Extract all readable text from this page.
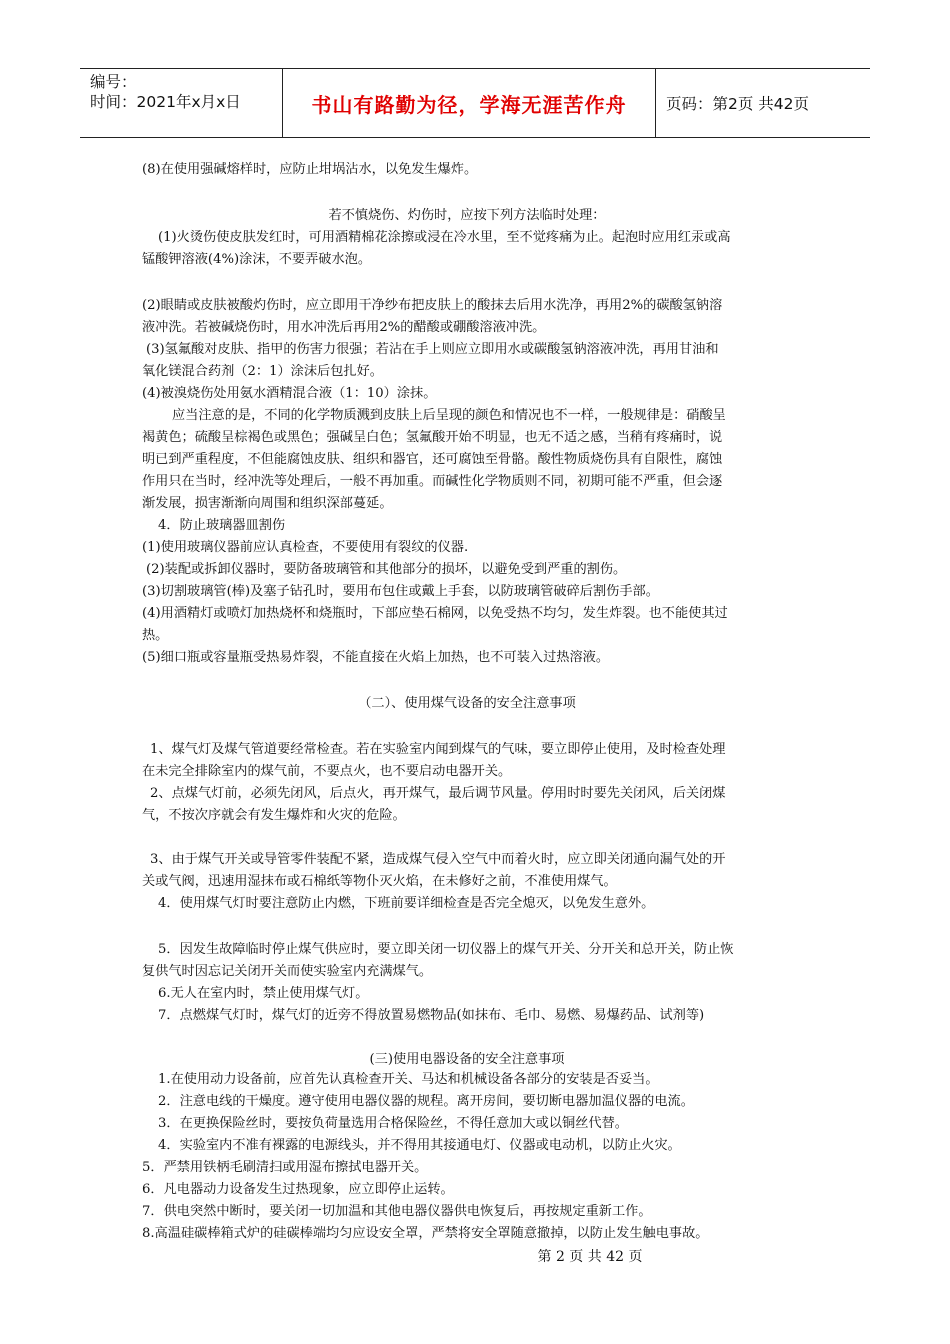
编号：
时间：2021年x月x日	书山有路勤为径，学海无涯苦作舟	页码：第2页 共42页
(8)在使用强碱熔样时，应防止坩埚沾水，以免发生爆炸。
若不慎烧伤、灼伤时，应按下列方法临时处理：
(1)火烫伤使皮肤发红时，可用酒精棉花涂擦或浸在冷水里，至不觉疼痛为止。起泡时应用红汞或高
锰酸钾溶液(4%)涂沫，不要弄破水泡。
(2)眼睛或皮肤被酸灼伤时，应立即用干净纱布把皮肤上的酸抹去后用水洗净，再用2%的碳酸氢钠溶
液冲洗。若被碱烧伤时，用水冲洗后再用2%的醋酸或硼酸溶液冲洗。
(3)氢氟酸对皮肤、指甲的伤害力很强；若沾在手上则应立即用水或碳酸氢钠溶液冲洗，再用甘油和
氧化镁混合药剂（2：1）涂沫后包扎好。
(4)被溴烧伤处用氨水酒精混合液（1：10）涂抹。
应当注意的是，不同的化学物质溅到皮肤上后呈现的颜色和情况也不一样，一般规律是：硝酸呈
褐黄色；硫酸呈棕褐色或黑色；强碱呈白色；氢氟酸开始不明显，也无不适之感，当稍有疼痛时，说
明已到严重程度，不但能腐蚀皮肤、组织和器官，还可腐蚀至骨骼。酸性物质烧伤具有自限性，腐蚀
作用只在当时，经冲洗等处理后，一般不再加重。而碱性化学物质则不同，初期可能不严重，但会逐
渐发展，损害渐渐向周围和组织深部蔓延。
4．防止玻璃器皿割伤
(1)使用玻璃仪器前应认真检查，不要使用有裂纹的仪器.
(2)装配或拆卸仪器时，要防备玻璃管和其他部分的损坏，以避免受到严重的割伤。
(3)切割玻璃管(棒)及塞子钻孔时，要用布包住或戴上手套，以防玻璃管破碎后割伤手部。
(4)用酒精灯或喷灯加热烧杯和烧瓶时，下部应垫石棉网，以免受热不均匀，发生炸裂。也不能使其过
热。
(5)细口瓶或容量瓶受热易炸裂，不能直接在火焰上加热，也不可装入过热溶液。
（二）、使用煤气设备的安全注意事项
1、煤气灯及煤气管道要经常检查。若在实验室内闻到煤气的气味，要立即停止使用，及时检查处理
在未完全排除室内的煤气前，不要点火，也不要启动电器开关。
2、点煤气灯前，必须先闭风，后点火，再开煤气，最后调节风量。停用时时要先关闭风，后关闭煤
气，不按次序就会有发生爆炸和火灾的危险。
3、由于煤气开关或导管零件装配不紧，造成煤气侵入空气中而着火时，应立即关闭通向漏气处的开
关或气阀，迅速用湿抹布或石棉纸等物仆灭火焰，在未修好之前，不准使用煤气。
4．使用煤气灯时要注意防止内燃，下班前要详细检查是否完全熄灭，以免发生意外。
5．因发生故障临时停止煤气供应时，要立即关闭一切仪器上的煤气开关、分开关和总开关，防止恢
复供气时因忘记关闭开关而使实验室内充满煤气。
6.无人在室内时，禁止使用煤气灯。
7．点燃煤气灯时，煤气灯的近旁不得放置易燃物品(如抹布、毛巾、易燃、易爆药品、试剂等)
(三)使用电器设备的安全注意事项
1.在使用动力设备前，应首先认真检查开关、马达和机械设备各部分的安装是否妥当。
2．注意电线的干燥度。遵守使用电器仪器的规程。离开房间，要切断电器加温仪器的电流。
3．在更换保险丝时，要按负荷量选用合格保险丝，不得任意加大或以铜丝代替。
4．实验室内不准有裸露的电源线头，并不得用其接通电灯、仪器或电动机，以防止火灾。
5．严禁用铁柄毛刷清扫或用湿布擦拭电器开关。
6．凡电器动力设备发生过热现象，应立即停止运转。
7．供电突然中断时，要关闭一切加温和其他电器仪器供电恢复后，再按规定重新工作。
8.高温硅碳棒箱式炉的硅碳棒端均匀应设安全罩，严禁将安全罩随意撤掉，以防止发生触电事故。
第 2 页 共 42 页
